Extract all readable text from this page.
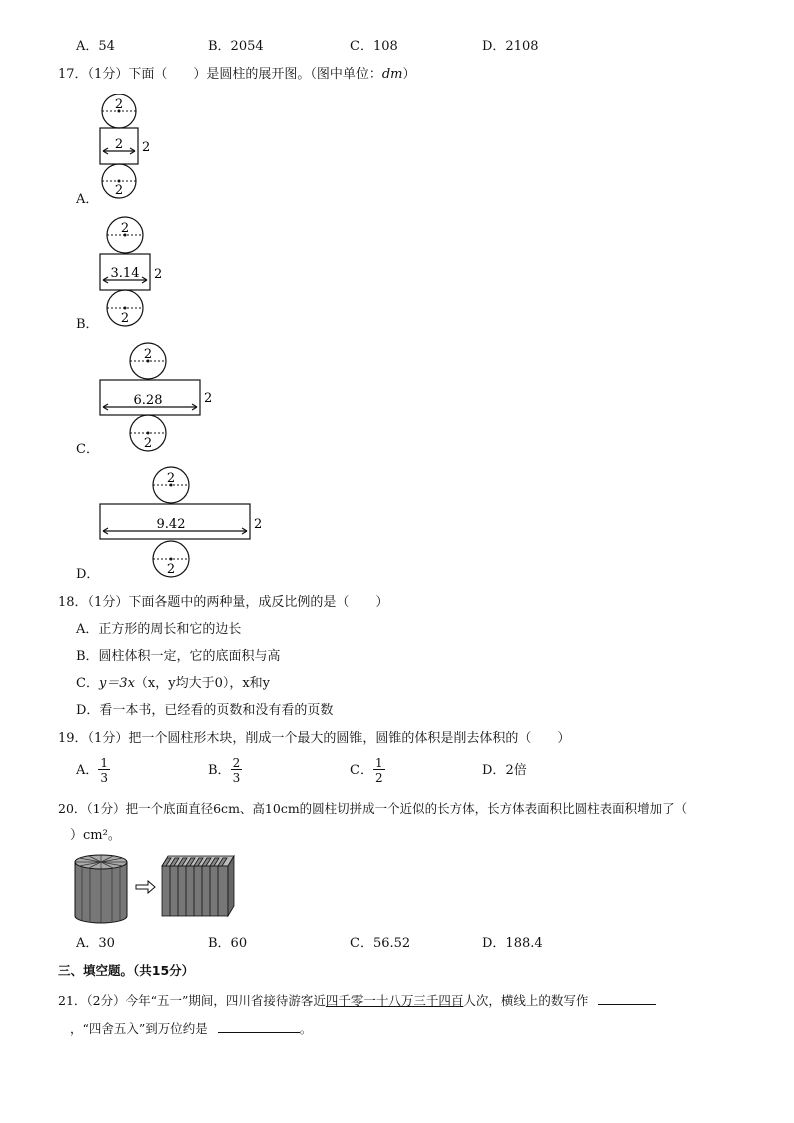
A．54	B．2054	C．108	D．2108
17．（1分）下面（　　）是圆柱的展开图。（图中单位：dm）
2
2 2
2
A．
2
3.14 2
2
B．
2
6.28	2
2
C．
2
9.42	2
2
D．
18．（1分）下面各题中的两种量，成反比例的是（　　）
A．正方形的周长和它的边长
B．圆柱体积一定，它的底面积与高
C．y＝3x（x，y均大于0），x和y
D．看一本书，已经看的页数和没有看的页数
19．（1分）把一个圆柱形木块，削成一个最大的圆锥，圆锥的体积是削去体积的（　　）
A． $\frac{1}{3}$	B． $\frac{2}{3}$	C． $\frac{1}{2}$	D．2倍
20．（1分）把一个底面直径6cm、高10cm的圆柱切拼成一个近似的长方体，长方体表面积比圆柱表面积增加了（
）cm²。
A．30	B．60	C．56.52	D．188.4
三、填空题。（共15分）
21．（2分）今年“五一”期间，四川省接待游客近四千零一十八万三千四百人次，横线上的数写作
，“四舍五入”到万位约是	。
